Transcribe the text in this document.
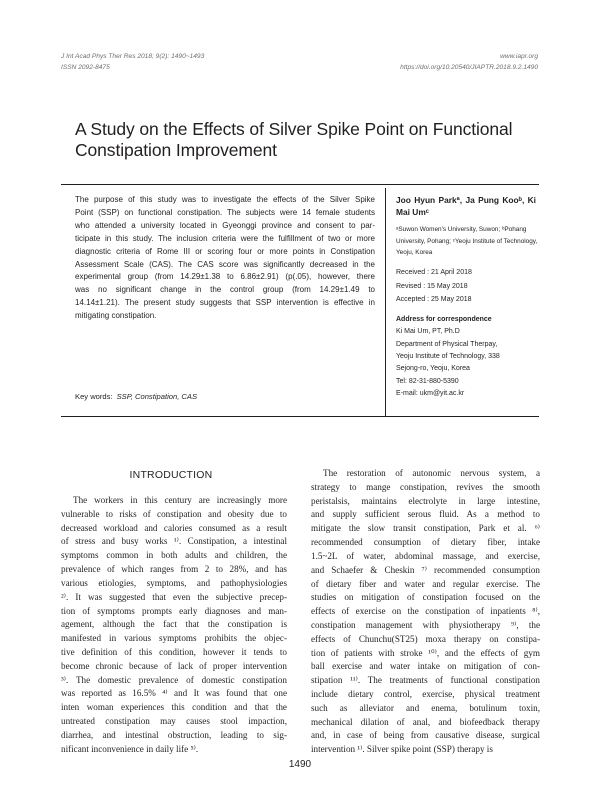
J Int Acad Phys Ther Res 2018; 9(2): 1490~1493
ISSN 2092-8475
www.iapr.org
https://doi.org/10.20540/JIAPTR.2018.9.2.1490
A Study on the Effects of Silver Spike Point on Functional
Constipation Improvement
The purpose of this study was to investigate the effects of the Silver Spike
Point (SSP) on functional constipation. The subjects were 14 female students
who attended a university located in Gyeonggi province and consent to par-
ticipate in this study. The inclusion criteria were the fulfillment of two or more
diagnostic criteria of Rome III or scoring four or more points in Constipation
Assessment Scale (CAS). The CAS score was significantly decreased in the
experimental group (from 14.29±1.38 to 6.86±2.91) (p(.05), however, there
was no significant change in the control group (from 14.29±1.49 to
14.14±1.21). The present study suggests that SSP intervention is effective in
mitigating constipation.
Key words: SSP, Constipation, CAS
Joo Hyun Parkª, Ja Pung Kooᵇ, Ki
Mai Umᶜ
ᵃSuwon Women's University, Suwon; ᵇPohang
University, Pohang; ᶜYeoju Institute of Technology,
Yeoju, Korea
Received : 21 April 2018
Revised : 15 May 2018
Accepted : 25 May 2018
Address for correspondence
Ki Mai Um, PT, Ph.D
Department of Physical Therpay,
Yeoju Institute of Technology, 338
Sejong-ro, Yeoju, Korea
Tel: 82-31-880-5390
E-mail: ukm@yit.ac.kr
INTRODUCTION
The workers in this century are increasingly more
vulnerable to risks of constipation and obesity due to
decreased workload and calories consumed as a result
of stress and busy works ¹⁾. Constipation, a intestinal
symptoms common in both adults and children, the
prevalence of which ranges from 2 to 28%, and has
various etiologies, symptoms, and pathophysiologies
²⁾. It was suggested that even the subjective precep-
tion of symptoms prompts early diagnoses and man-
agement, although the fact that the constipation is
manifested in various symptoms prohibits the objec-
tive definition of this condition, however it tends to
become chronic because of lack of proper intervention
³⁾. The domestic prevalence of domestic constipation
was reported as 16.5% ⁴⁾ and It was found that one
inten woman experiences this condition and that the
untreated constipation may causes stool impaction,
diarrhea, and intestinal obstruction, leading to sig-
nificant inconvenience in daily life ⁵⁾.
The restoration of autonomic nervous system, a
strategy to mange constipation, revives the smooth
peristalsis, maintains electrolyte in large intestine,
and supply sufficient serous fluid. As a method to
mitigate the slow transit constipation, Park et al. ⁶⁾
recommended consumption of dietary fiber, intake
1.5~2L of water, abdominal massage, and exercise,
and Schaefer & Cheskin ⁷⁾ recommended consumption
of dietary fiber and water and regular exercise. The
studies on mitigation of constipation focused on the
effects of exercise on the constipation of inpatients ⁸⁾,
constipation management with physiotherapy ⁹⁾, the
effects of Chunchu(ST25) moxa therapy on constipa-
tion of patients with stroke ¹⁰⁾, and the effects of gym
ball exercise and water intake on mitigation of con-
stipation ¹¹⁾. The treatments of functional constipation
include dietary control, exercise, physical treatment
such as alleviator and enema, botulinum toxin,
mechanical dilation of anal, and biofeedback therapy
and, in case of being from causative disease, surgical
intervention ¹⁾. Silver spike point (SSP) therapy is
1490
